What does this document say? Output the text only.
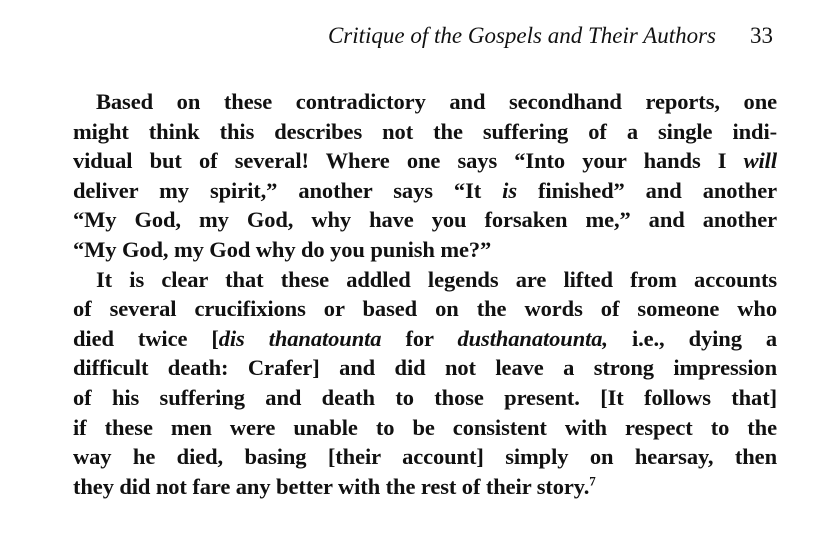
Critique of the Gospels and Their Authors 33
Based on these contradictory and secondhand reports, one
might think this describes not the suffering of a single indi-
vidual but of several! Where one says “Into your hands I will
deliver my spirit,” another says “It is finished” and another
“My God, my God, why have you forsaken me,” and another
“My God, my God why do you punish me?”
It is clear that these addled legends are lifted from accounts
of several crucifixions or based on the words of someone who
died twice [dis thanatounta for dusthanatounta, i.e., dying a
difficult death: Crafer] and did not leave a strong impression
of his suffering and death to those present. [It follows that]
if these men were unable to be consistent with respect to the
way he died, basing [their account] simply on hearsay, then
they did not fare any better with the rest of their story.$^7$
